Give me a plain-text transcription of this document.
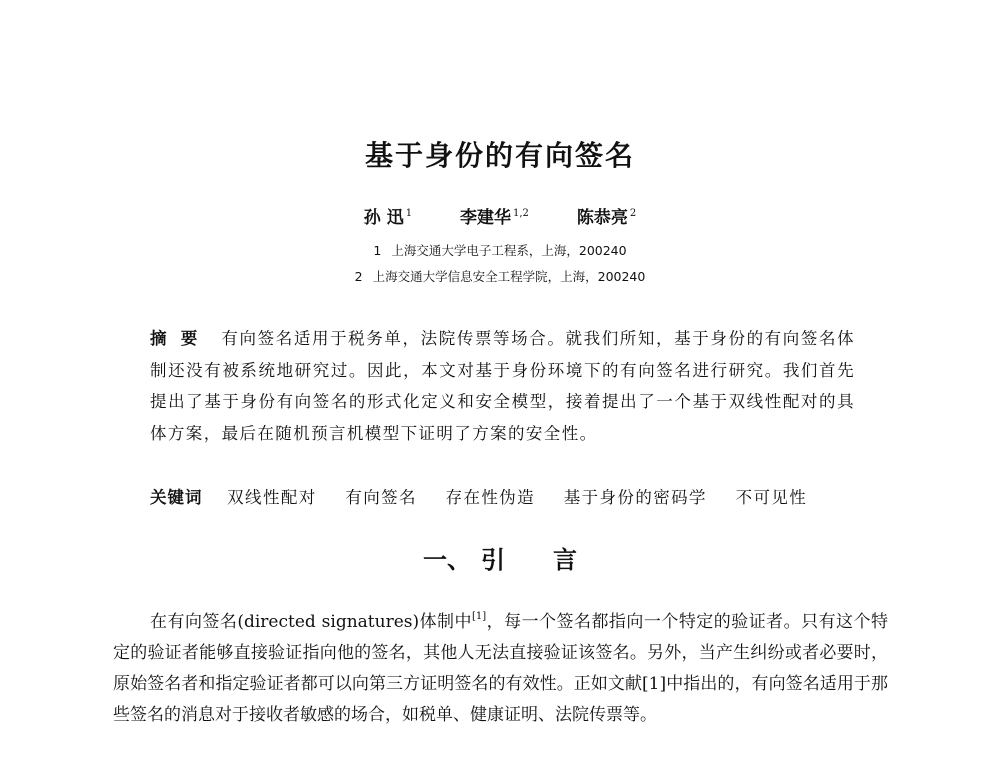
基于身份的有向签名
孙 迅 $^1$	李建华 $^{1,2}$	陈恭亮 $^2$
1 上海交通大学电子工程系，上海，200240
2 上海交通大学信息安全工程学院，上海，200240
摘要 有向签名适用于税务单，法院传票等场合。就我们所知，基于身份的有向签名体制还没有被系统地研究过。因此，本文对基于身份环境下的有向签名进行研究。我们首先提出了基于身份有向签名的形式化定义和安全模型，接着提出了一个基于双线性配对的具体方案，最后在随机预言机模型下证明了方案的安全性。
关键词 双线性配对 有向签名 存在性伪造 基于身份的密码学 不可见性
一、 引言

在有向签名(directed signatures)体制中[1]，每一个签名都指向一个特定的验证者。只有这个特定的验证者能够直接验证指向他的签名，其他人无法直接验证该签名。另外，当产生纠纷或者必要时，原始签名者和指定验证者都可以向第三方证明签名的有效性。正如文献[1]中指出的，有向签名适用于那些签名的消息对于接收者敏感的场合，如税单、健康证明、法院传票等。
